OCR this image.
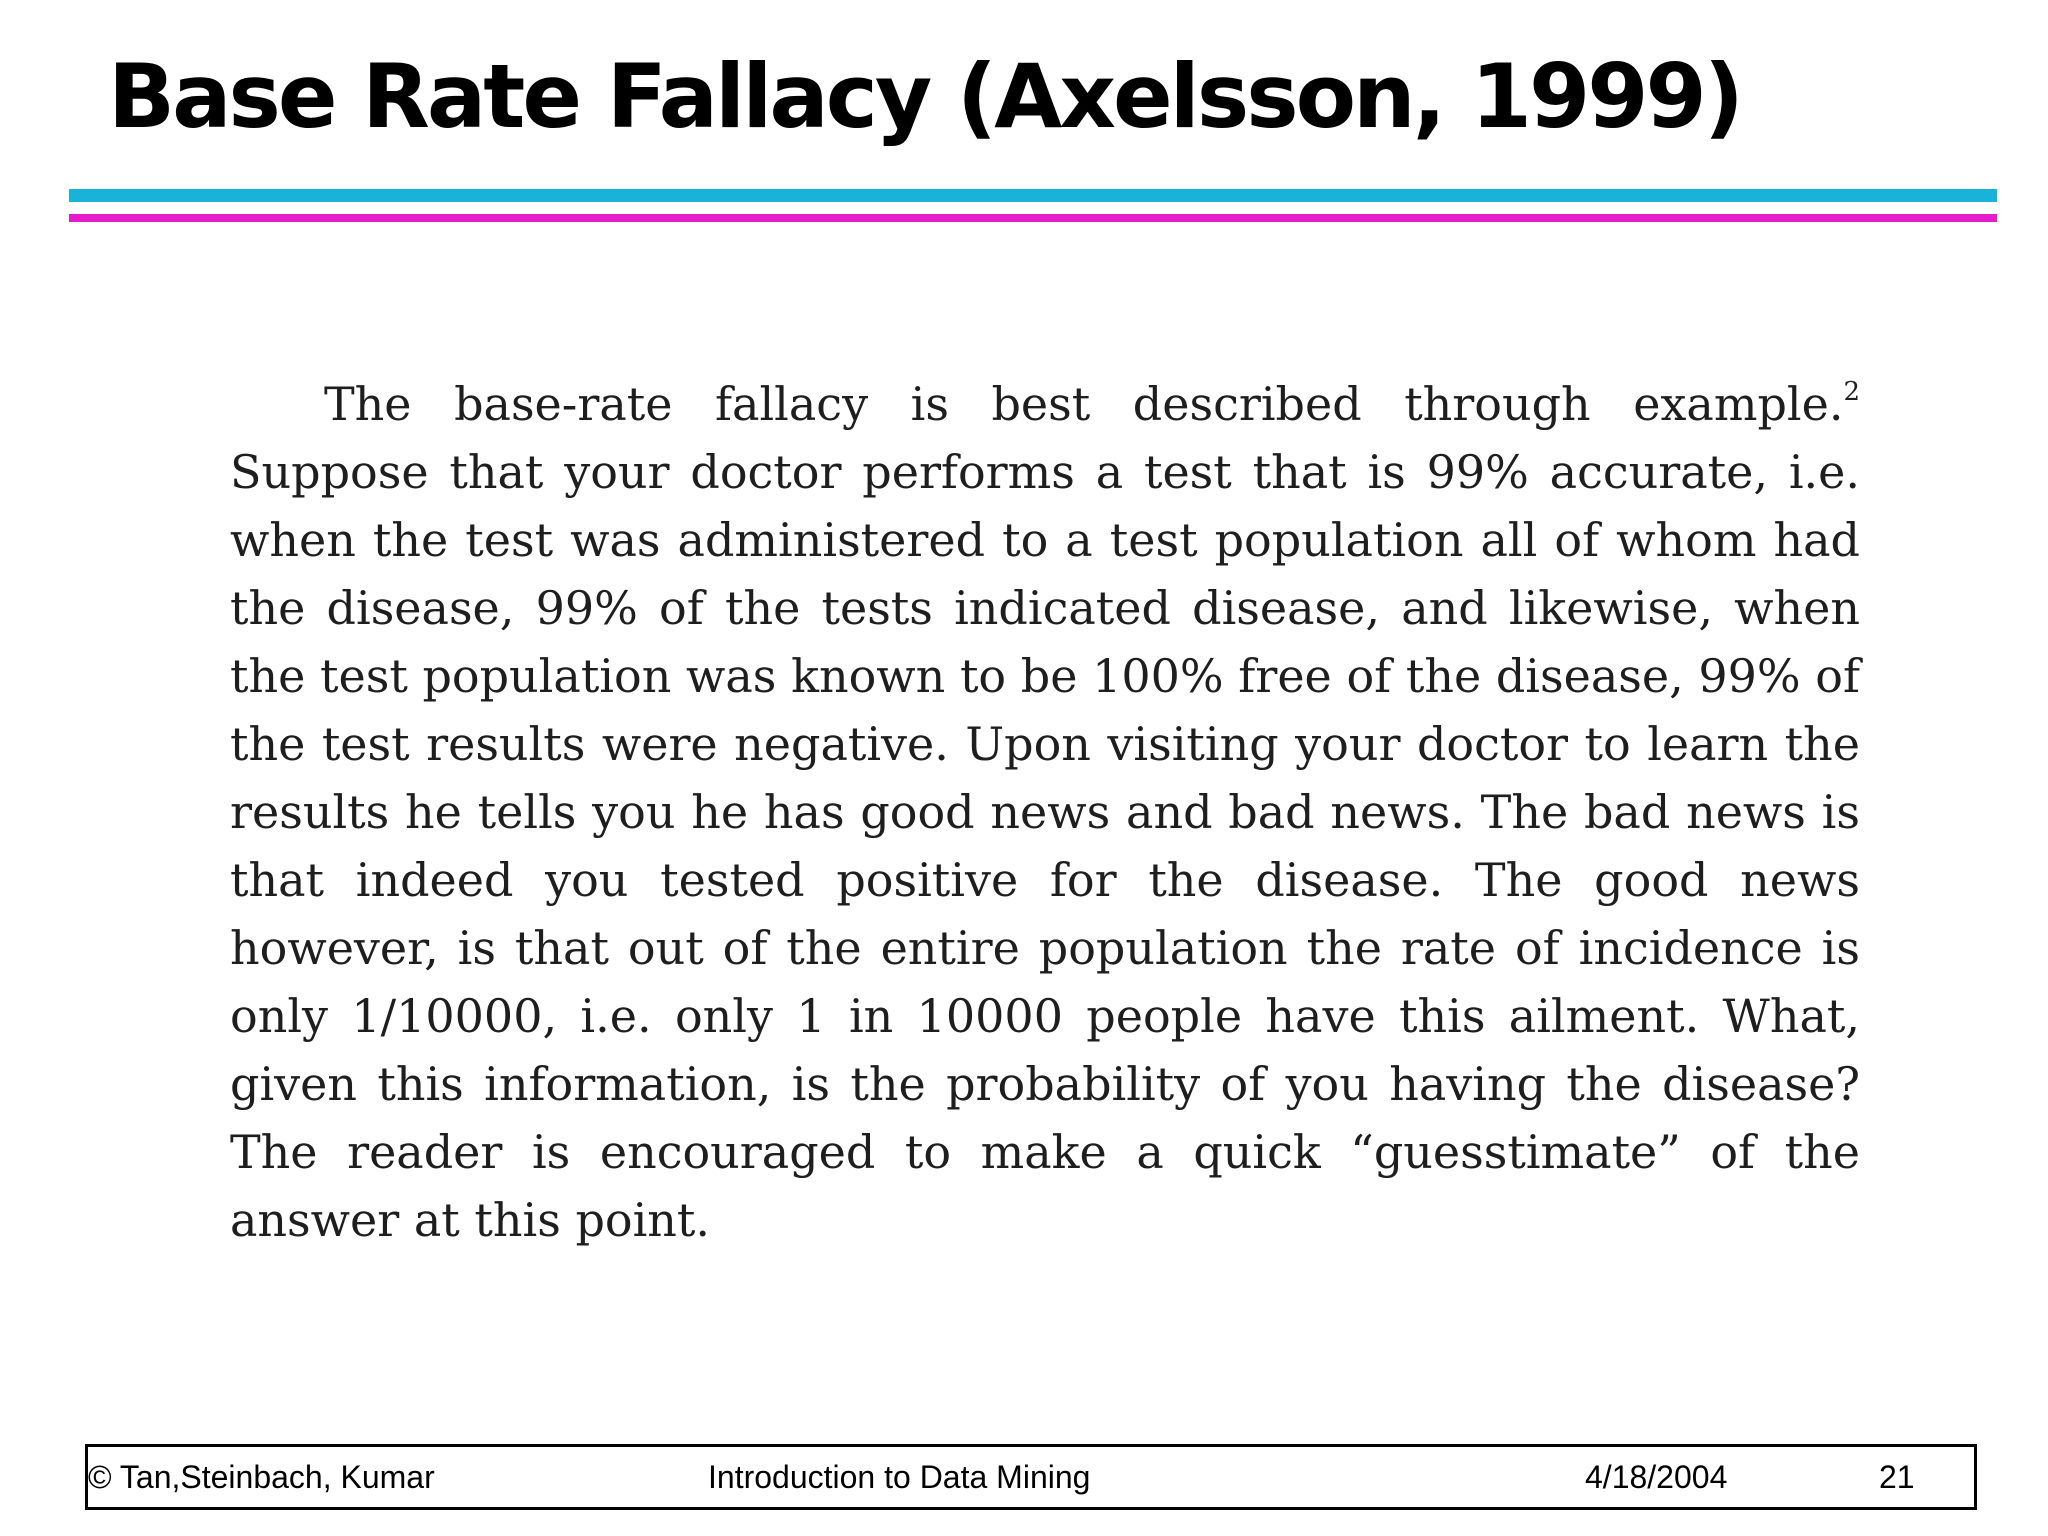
Base Rate Fallacy (Axelsson, 1999)

The base-rate fallacy is best described through example.$^2$ Suppose that your doctor performs a test that is 99% accurate, i.e. when the test was administered to a test population all of whom had the disease, 99% of the tests indicated disease, and likewise, when the test population was known to be 100% free of the disease, 99% of the test results were negative. Upon visiting your doctor to learn the results he tells you he has good news and bad news. The bad news is that indeed you tested positive for the disease. The good news however, is that out of the entire population the rate of incidence is only 1/10000, i.e. only 1 in 10000 people have this ailment. What, given this information, is the probability of you having the disease? The reader is encouraged to make a quick “guesstimate” of the answer at this point.

© Tan,Steinbach, Kumar	Introduction to Data Mining	4/18/2004	21
